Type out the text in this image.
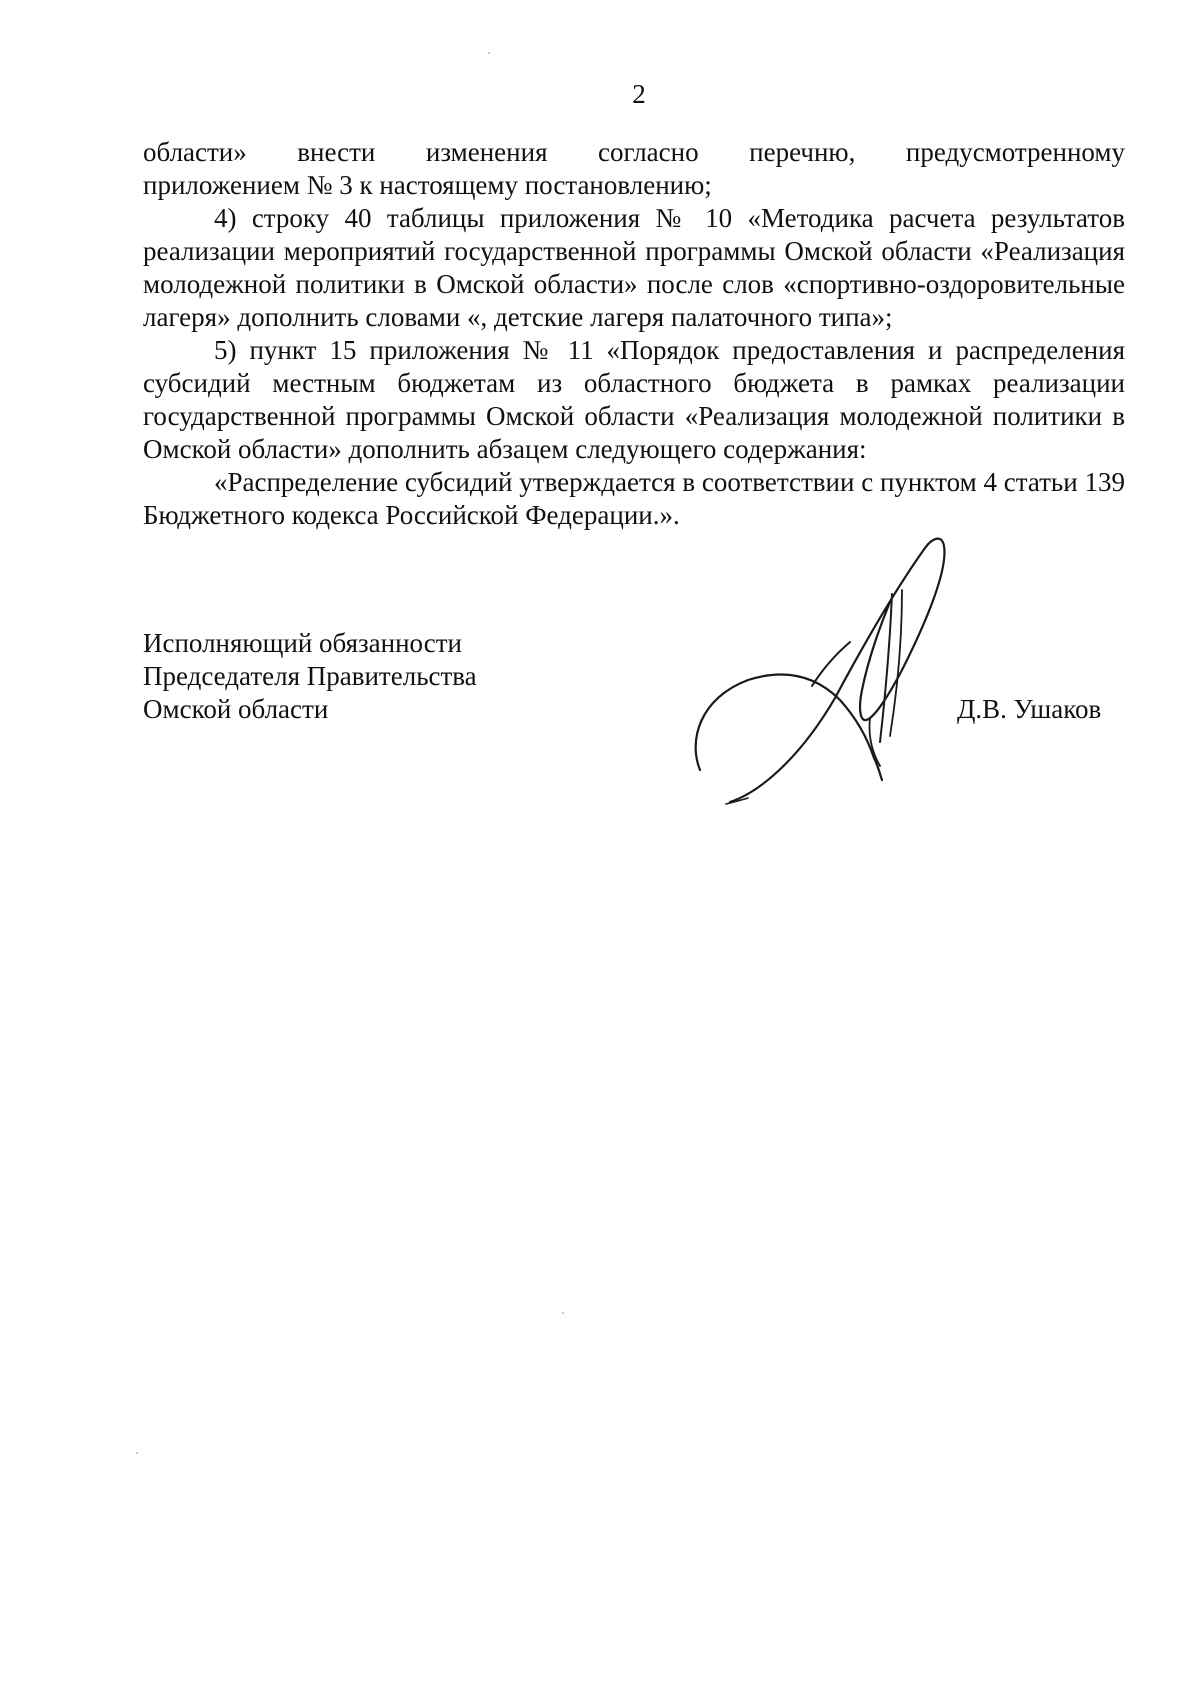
2

области» внести изменения согласно перечню, предусмотренному

приложением № 3 к настоящему постановлению;

4) строку 40 таблицы приложения № 10 «Методика расчета результатов реализации мероприятий государственной программы Омской области «Реализация молодежной политики в Омской области» после слов «спортивно-оздоровительные лагеря» дополнить словами «, детские лагеря палаточного типа»;

5) пункт 15 приложения № 11 «Порядок предоставления и распределения субсидий местным бюджетам из областного бюджета в рамках реализации государственной программы Омской области «Реализация молодежной политики в Омской области» дополнить абзацем следующего содержания:

«Распределение субсидий утверждается в соответствии с пунктом 4 статьи 139 Бюджетного кодекса Российской Федерации.».

Исполняющий обязанности
Председателя Правительства
Омской области	Д.В. Ушаков
